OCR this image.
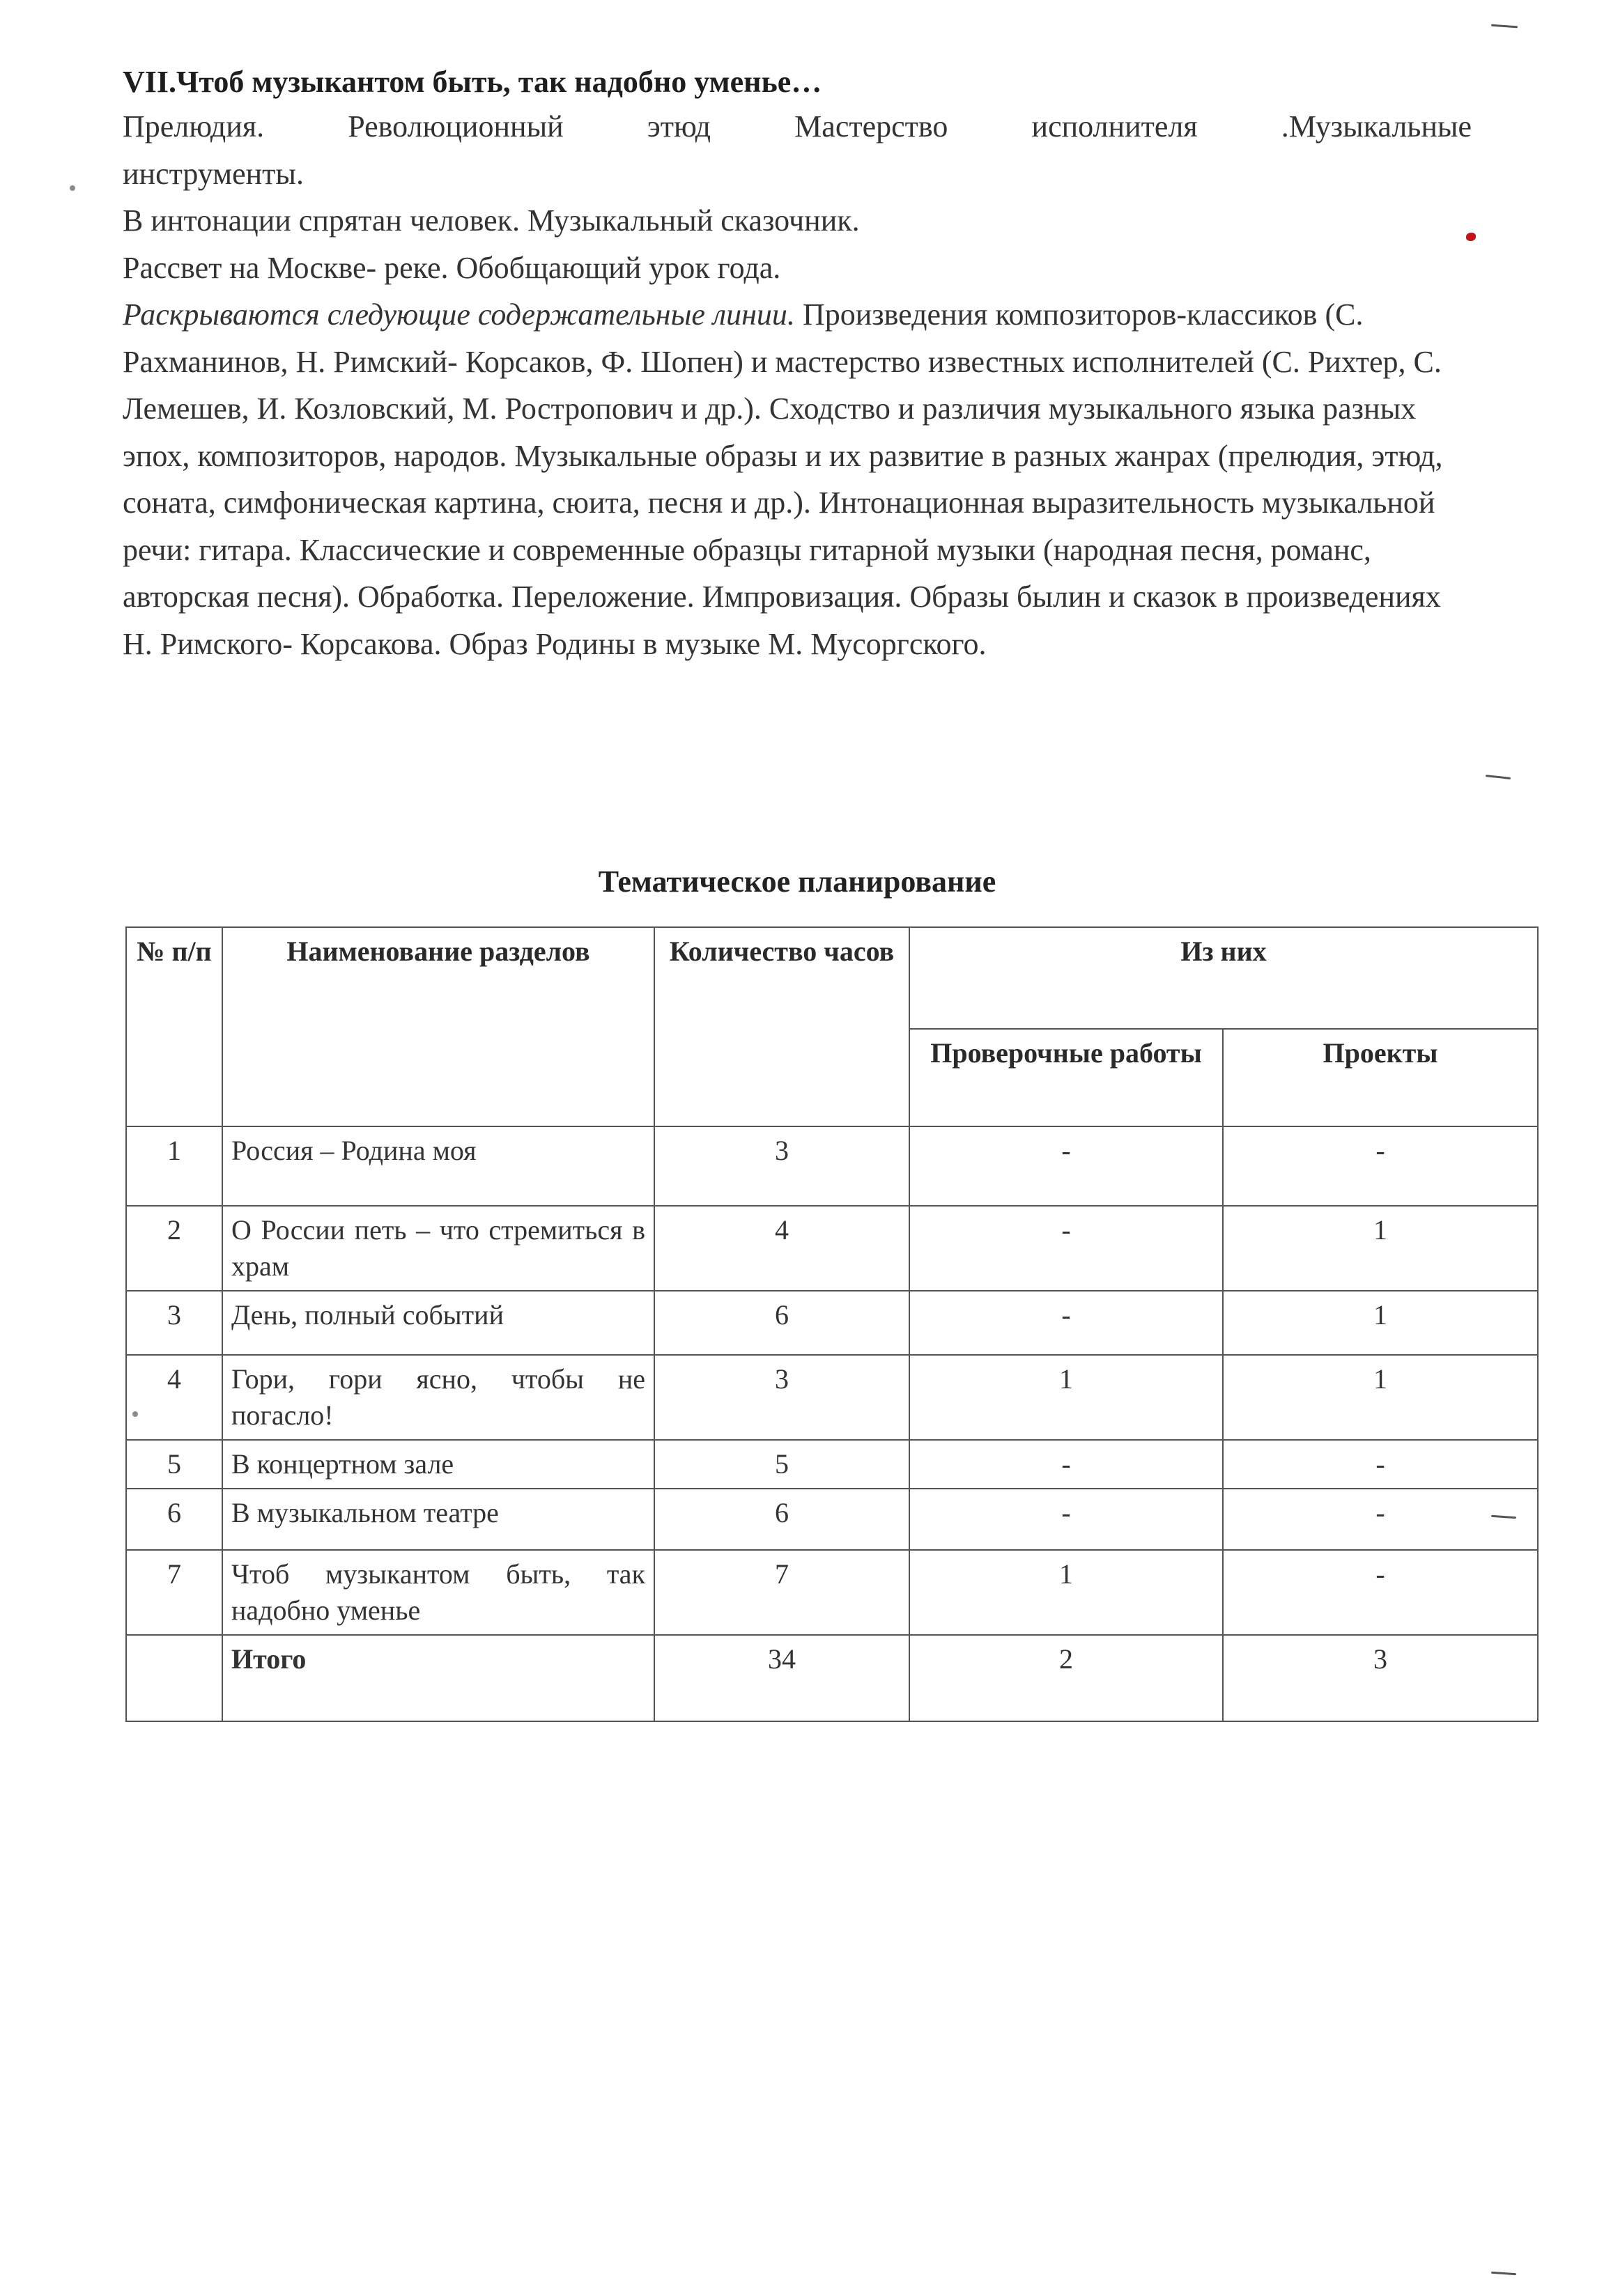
VII.Чтоб музыкантом быть, так надобно уменье…

Прелюдия. Революционный этюд Мастерство исполнителя .Музыкальные

инструменты.

В интонации спрятан человек. Музыкальный сказочник.

Рассвет на Москве- реке. Обобщающий урок года.

Раскрываются следующие содержательные линии. Произведения композиторов-классиков (С. Рахманинов, Н. Римский- Корсаков, Ф. Шопен) и мастерство известных исполнителей (С. Рихтер, С. Лемешев, И. Козловский, М. Ростропович и др.). Сходство и различия музыкального языка разных эпох, композиторов, народов. Музыкальные образы и их развитие в разных жанрах (прелюдия, этюд, соната, симфоническая картина, сюита, песня и др.). Интонационная выразительность музыкальной речи: гитара. Классические и современные образцы гитарной музыки (народная песня, романс, авторская песня). Обработка. Переложение. Импровизация. Образы былин и сказок в произведениях Н. Римского- Корсакова. Образ Родины в музыке М. Мусоргского.

Тематическое планирование
№ п/п	Наименование разделов	Количество часов	Из них	
			Проверочные работы	Проекты
1	Россия – Родина моя	3	-	-
2	О России петь – что стремиться в храм	4	-	1
3	День, полный событий	6	-	1
4	Гори, гори ясно, чтобы не погасло!	3	1	1
5	В концертном зале	5	-	-
6	В музыкальном театре	6	-	-
7	Чтоб музыкантом быть, так надобно уменье	7	1	-
	Итого	34	2	3
